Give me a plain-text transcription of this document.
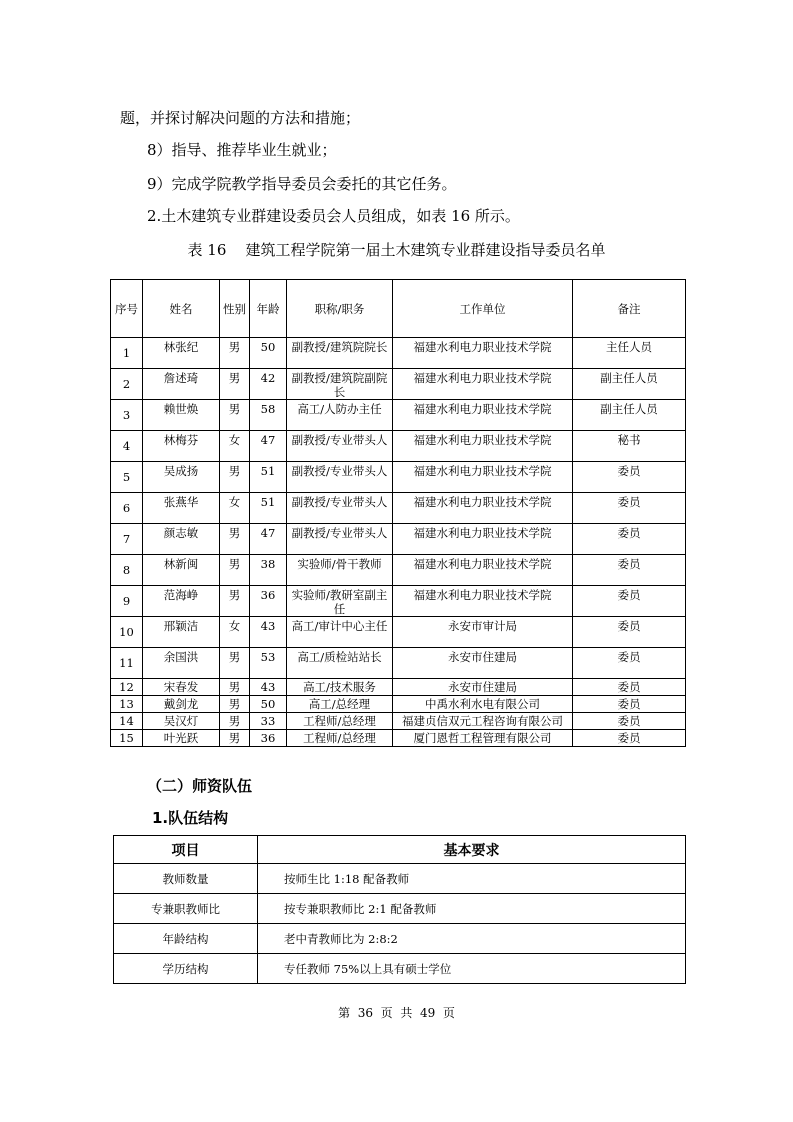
题，并探讨解决问题的方法和措施；
8）指导、推荐毕业生就业；
9）完成学院教学指导委员会委托的其它任务。
2.土木建筑专业群建设委员会人员组成，如表 16 所示。
表 16    建筑工程学院第一届土木建筑专业群建设指导委员名单
序号	姓名	性别	年龄	职称/职务	工作单位	备注
1	林张纪	男	50	副教授/建筑院院长	福建水利电力职业技术学院	主任人员
2	詹述琦	男	42	副教授/建筑院副院长	福建水利电力职业技术学院	副主任人员
3	赖世焕	男	58	高工/人防办主任	福建水利电力职业技术学院	副主任人员
4	林梅芬	女	47	副教授/专业带头人	福建水利电力职业技术学院	秘书
5	吴成扬	男	51	副教授/专业带头人	福建水利电力职业技术学院	委员
6	张燕华	女	51	副教授/专业带头人	福建水利电力职业技术学院	委员
7	颜志敏	男	47	副教授/专业带头人	福建水利电力职业技术学院	委员
8	林新闽	男	38	实验师/骨干教师	福建水利电力职业技术学院	委员
9	范海峥	男	36	实验师/教研室副主任	福建水利电力职业技术学院	委员
10	邢颖洁	女	43	高工/审计中心主任	永安市审计局	委员
11	余国洪	男	53	高工/质检站站长	永安市住建局	委员
12	宋春发	男	43	高工/技术服务	永安市住建局	委员
13	戴剑龙	男	50	高工/总经理	中禹水利水电有限公司	委员
14	吴汉灯	男	33	工程师/总经理	福建贞信双元工程咨询有限公司	委员
15	叶光跃	男	36	工程师/总经理	厦门恩哲工程管理有限公司	委员
（二）师资队伍
1.队伍结构
项目	基本要求
教师数量	按师生比 1:18 配备教师
专兼职教师比	按专兼职教师比 2:1 配备教师
年龄结构	老中青教师比为 2:8:2
学历结构	专任教师 75%以上具有硕士学位
第  36  页  共  49  页
